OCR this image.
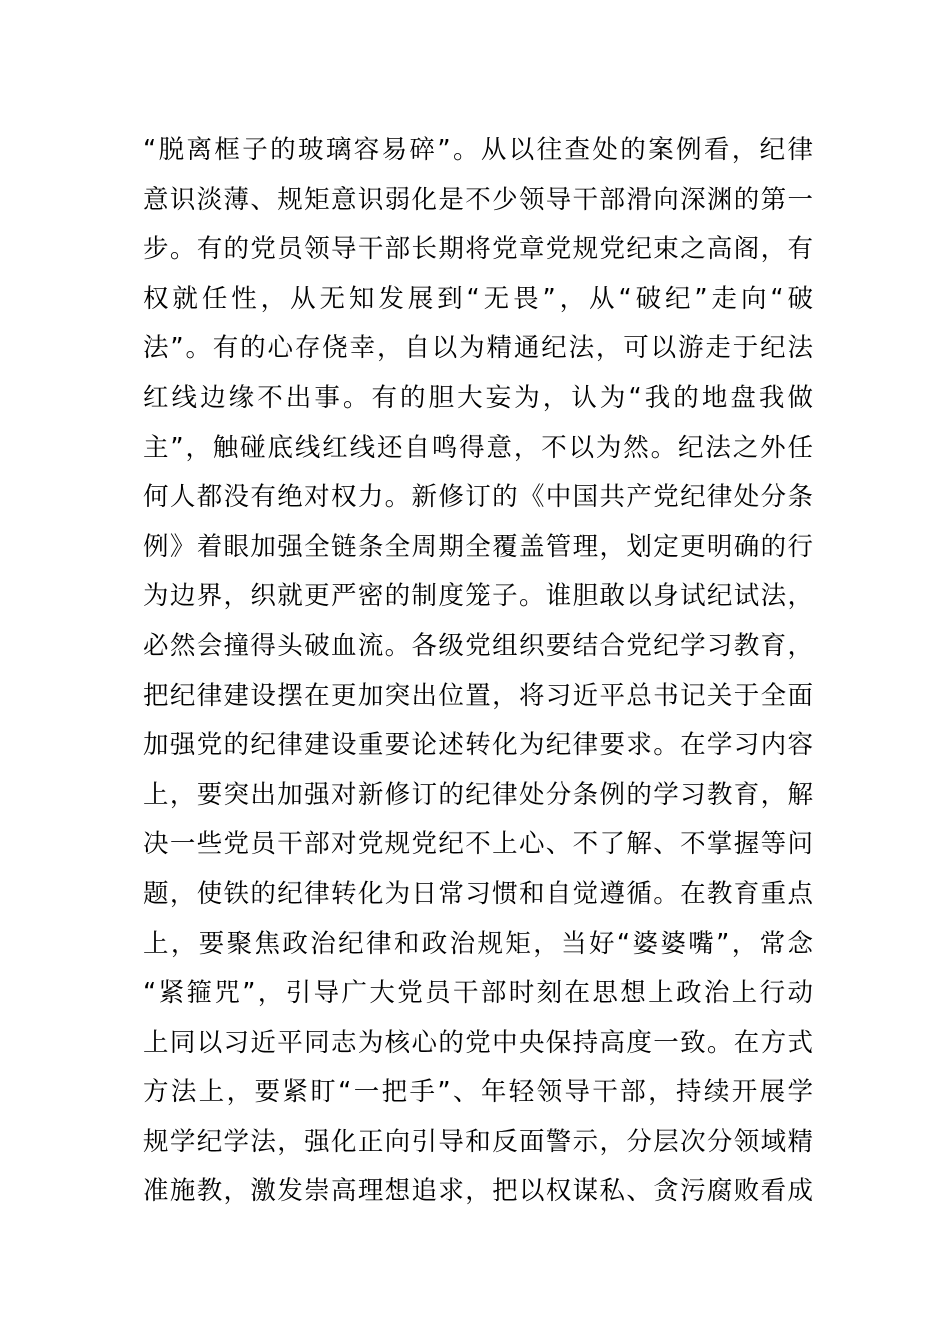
“脱离框子的玻璃容易碎”。从以往查处的案例看，纪律
意识淡薄、规矩意识弱化是不少领导干部滑向深渊的第一
步。有的党员领导干部长期将党章党规党纪束之高阁，有
权就任性，从无知发展到“无畏”，从“破纪”走向“破
法”。有的心存侥幸，自以为精通纪法，可以游走于纪法
红线边缘不出事。有的胆大妄为，认为“我的地盘我做
主”，触碰底线红线还自鸣得意，不以为然。纪法之外任
何人都没有绝对权力。新修订的《中国共产党纪律处分条
例》着眼加强全链条全周期全覆盖管理，划定更明确的行
为边界，织就更严密的制度笼子。谁胆敢以身试纪试法，
必然会撞得头破血流。各级党组织要结合党纪学习教育，
把纪律建设摆在更加突出位置，将习近平总书记关于全面
加强党的纪律建设重要论述转化为纪律要求。在学习内容
上，要突出加强对新修订的纪律处分条例的学习教育，解
决一些党员干部对党规党纪不上心、不了解、不掌握等问
题，使铁的纪律转化为日常习惯和自觉遵循。在教育重点
上，要聚焦政治纪律和政治规矩，当好“婆婆嘴”，常念
“紧箍咒”，引导广大党员干部时刻在思想上政治上行动
上同以习近平同志为核心的党中央保持高度一致。在方式
方法上，要紧盯“一把手”、年轻领导干部，持续开展学
规学纪学法，强化正向引导和反面警示，分层次分领域精
准施教，激发崇高理想追求，把以权谋私、贪污腐败看成
